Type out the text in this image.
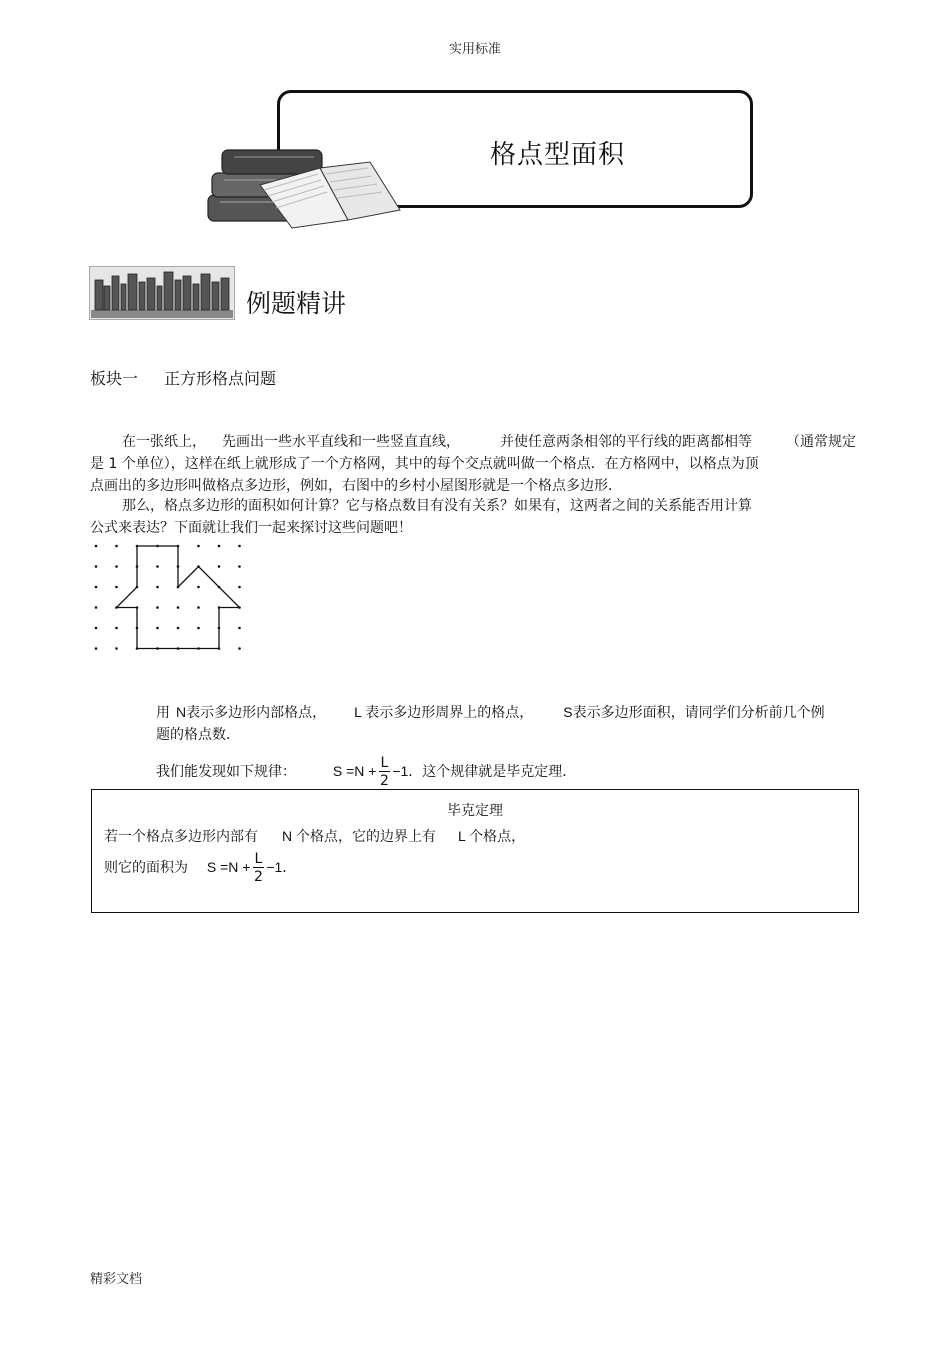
实用标准
格点型面积
例题精讲
板块一 正方形格点问题
在一张纸上， 先画出一些水平直线和一些竖直直线，	并使任意两条相邻的平行线的距离都相等 （通常规定
是 1 个单位），这样在纸上就形成了一个方格网，其中的每个交点就叫做一个格点．在方格网中，以格点为顶
点画出的多边形叫做格点多边形，例如，右图中的乡村小屋图形就是一个格点多边形．
那么，格点多边形的面积如何计算？它与格点数目有没有关系？如果有，这两者之间的关系能否用计算
公式来表达？下面就让我们一起来探讨这些问题吧！
用 N表示多边形内部格点， L 表示多边形周界上的格点， S表示多边形面积，请同学们分析前几个例
题的格点数．
我们能发现如下规律：	$S =N + \frac{L}{2} -1$．这个规律就是毕克定理．
毕克定理
若一个格点多边形内部有 N 个格点，它的边界上有 L 个格点，
则它的面积为 $S =N + \frac{L}{2} -1$．
精彩文档
